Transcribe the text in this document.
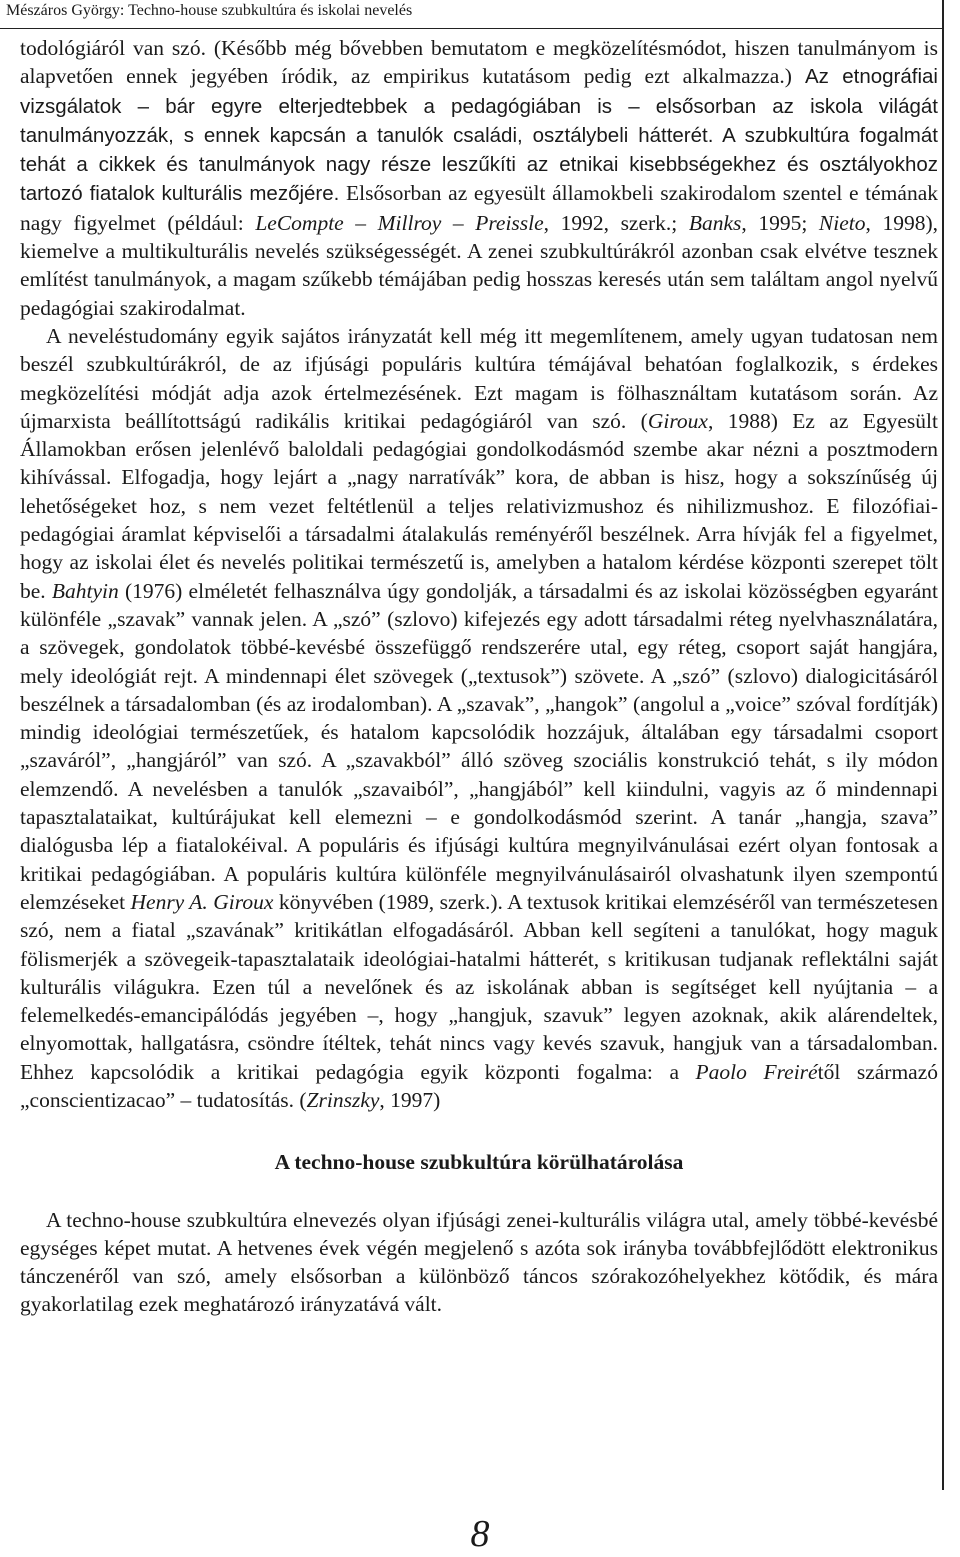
Mészáros György: Techno-house szubkultúra és iskolai nevelés

todológiáról van szó. (Később még bővebben bemutatom e megközelítésmódot, hiszen tanulmányom is alapvetően ennek jegyében íródik, az empirikus kutatásom pedig ezt alkalmazza.) Az etnográfiai vizsgálatok – bár egyre elterjedtebbek a pedagógiában is – elsősorban az iskola világát tanulmányozzák, s ennek kapcsán a tanulók családi, osztálybeli hátterét. A szubkultúra fogalmát tehát a cikkek és tanulmányok nagy része leszűkíti az etnikai kisebbségekhez és osztályokhoz tartozó fiatalok kulturális mezőjére. Elsősorban az egyesült államokbeli szakirodalom szentel e témának nagy figyelmet (például: LeCompte – Millroy – Preissle, 1992, szerk.; Banks, 1995; Nieto, 1998), kiemelve a multikulturális nevelés szükségességét. A zenei szubkultúrákról azonban csak elvétve tesznek említést tanulmányok, a magam szűkebb témájában pedig hosszas keresés után sem találtam angol nyelvű pedagógiai szakirodalmat.

A neveléstudomány egyik sajátos irányzatát kell még itt megemlítenem, amely ugyan tudatosan nem beszél szubkultúrákról, de az ifjúsági populáris kultúra témájával behatóan foglalkozik, s érdekes megközelítési módját adja azok értelmezésének. Ezt magam is fölhasználtam kutatásom során. Az újmarxista beállítottságú radikális kritikai pedagógiáról van szó. (Giroux, 1988) Ez az Egyesült Államokban erősen jelenlévő baloldali pedagógiai gondolkodásmód szembe akar nézni a posztmodern kihívással. Elfogadja, hogy lejárt a „nagy narratívák” kora, de abban is hisz, hogy a sokszínűség új lehetőségeket hoz, s nem vezet feltétlenül a teljes relativizmushoz és nihilizmushoz. E filozófiai-pedagógiai áramlat képviselői a társadalmi átalakulás reményéről beszélnek. Arra hívják fel a figyelmet, hogy az iskolai élet és nevelés politikai természetű is, amelyben a hatalom kérdése központi szerepet tölt be. Bahtyin (1976) elméletét felhasználva úgy gondolják, a társadalmi és az iskolai közösségben egyaránt különféle „szavak” vannak jelen. A „szó” (szlovo) kifejezés egy adott társadalmi réteg nyelvhasználatára, a szövegek, gondolatok többé-kevésbé összefüggő rendszerére utal, egy réteg, csoport saját hangjára, mely ideológiát rejt. A mindennapi élet szövegek („textusok”) szövete. A „szó” (szlovo) dialogicitásáról beszélnek a társadalomban (és az irodalomban). A „szavak”, „hangok” (angolul a „voice” szóval fordítják) mindig ideológiai természetűek, és hatalom kapcsolódik hozzájuk, általában egy társadalmi csoport „szaváról”, „hangjáról” van szó. A „szavakból” álló szöveg szociális konstrukció tehát, s ily módon elemzendő. A nevelésben a tanulók „szavaiból”, „hangjából” kell kiindulni, vagyis az ő mindennapi tapasztalataikat, kultúrájukat kell elemezni – e gondolkodásmód szerint. A tanár „hangja, szava” dialógusba lép a fiatalokéival. A populáris és ifjúsági kultúra megnyilvánulásai ezért olyan fontosak a kritikai pedagógiában. A populáris kultúra különféle megnyilvánulásairól olvashatunk ilyen szempontú elemzéseket Henry A. Giroux könyvében (1989, szerk.). A textusok kritikai elemzéséről van természetesen szó, nem a fiatal „szavának” kritikátlan elfogadásáról. Abban kell segíteni a tanulókat, hogy maguk fölismerjék a szövegeik-tapasztalataik ideológiai-hatalmi hátterét, s kritikusan tudjanak reflektálni saját kulturális világukra. Ezen túl a nevelőnek és az iskolának abban is segítséget kell nyújtania – a felemelkedés-emancipálódás jegyében –, hogy „hangjuk, szavuk” legyen azoknak, akik alárendeltek, elnyomottak, hallgatásra, csöndre ítéltek, tehát nincs vagy kevés szavuk, hangjuk van a társadalomban. Ehhez kapcsolódik a kritikai pedagógia egyik központi fogalma: a Paolo Freirétől származó „conscientizacao” – tudatosítás. (Zrinszky, 1997)

A techno-house szubkultúra körülhatárolása

A techno-house szubkultúra elnevezés olyan ifjúsági zenei-kulturális világra utal, amely többé-kevésbé egységes képet mutat. A hetvenes évek végén megjelenő s azóta sok irányba továbbfejlődött elektronikus tánczenéről van szó, amely elsősorban a különböző táncos szórakozóhelyekhez kötődik, és mára gyakorlatilag ezek meghatározó irányzatává vált.

8
